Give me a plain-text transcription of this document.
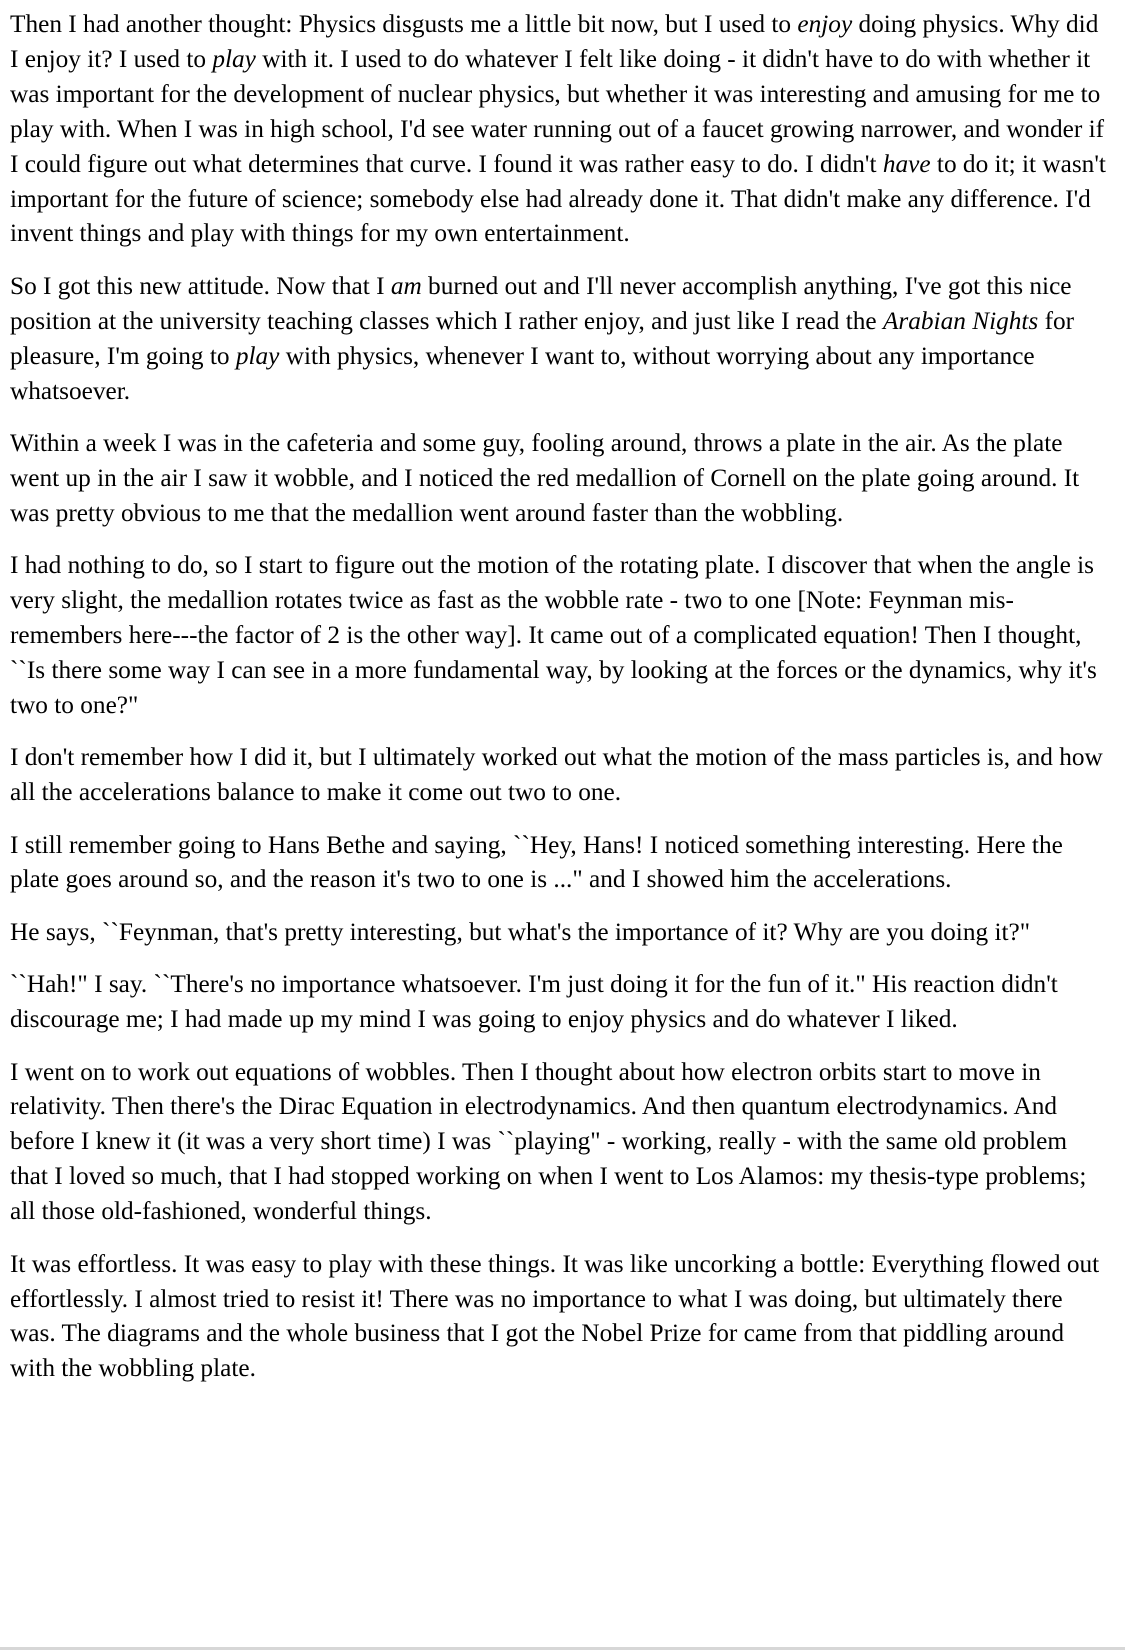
Then I had another thought: Physics disgusts me a little bit now, but I used to enjoy doing physics. Why did I enjoy it? I used to play with it. I used to do whatever I felt like doing - it didn't have to do with whether it was important for the development of nuclear physics, but whether it was interesting and amusing for me to play with. When I was in high school, I'd see water running out of a faucet growing narrower, and wonder if I could figure out what determines that curve. I found it was rather easy to do. I didn't have to do it; it wasn't important for the future of science; somebody else had already done it. That didn't make any difference. I'd invent things and play with things for my own entertainment.

So I got this new attitude. Now that I am burned out and I'll never accomplish anything, I've got this nice position at the university teaching classes which I rather enjoy, and just like I read the Arabian Nights for pleasure, I'm going to play with physics, whenever I want to, without worrying about any importance whatsoever.

Within a week I was in the cafeteria and some guy, fooling around, throws a plate in the air. As the plate went up in the air I saw it wobble, and I noticed the red medallion of Cornell on the plate going around. It was pretty obvious to me that the medallion went around faster than the wobbling.

I had nothing to do, so I start to figure out the motion of the rotating plate. I discover that when the angle is very slight, the medallion rotates twice as fast as the wobble rate - two to one [Note: Feynman mis-remembers here---the factor of 2 is the other way]. It came out of a complicated equation! Then I thought, ``Is there some way I can see in a more fundamental way, by looking at the forces or the dynamics, why it's two to one?"

I don't remember how I did it, but I ultimately worked out what the motion of the mass particles is, and how all the accelerations balance to make it come out two to one.

I still remember going to Hans Bethe and saying, ``Hey, Hans! I noticed something interesting. Here the plate goes around so, and the reason it's two to one is ..." and I showed him the accelerations.

He says, ``Feynman, that's pretty interesting, but what's the importance of it? Why are you doing it?"

``Hah!" I say. ``There's no importance whatsoever. I'm just doing it for the fun of it." His reaction didn't discourage me; I had made up my mind I was going to enjoy physics and do whatever I liked.

I went on to work out equations of wobbles. Then I thought about how electron orbits start to move in relativity. Then there's the Dirac Equation in electrodynamics. And then quantum electrodynamics. And before I knew it (it was a very short time) I was ``playing" - working, really - with the same old problem that I loved so much, that I had stopped working on when I went to Los Alamos: my thesis-type problems; all those old-fashioned, wonderful things.

It was effortless. It was easy to play with these things. It was like uncorking a bottle: Everything flowed out effortlessly. I almost tried to resist it! There was no importance to what I was doing, but ultimately there was. The diagrams and the whole business that I got the Nobel Prize for came from that piddling around with the wobbling plate.
